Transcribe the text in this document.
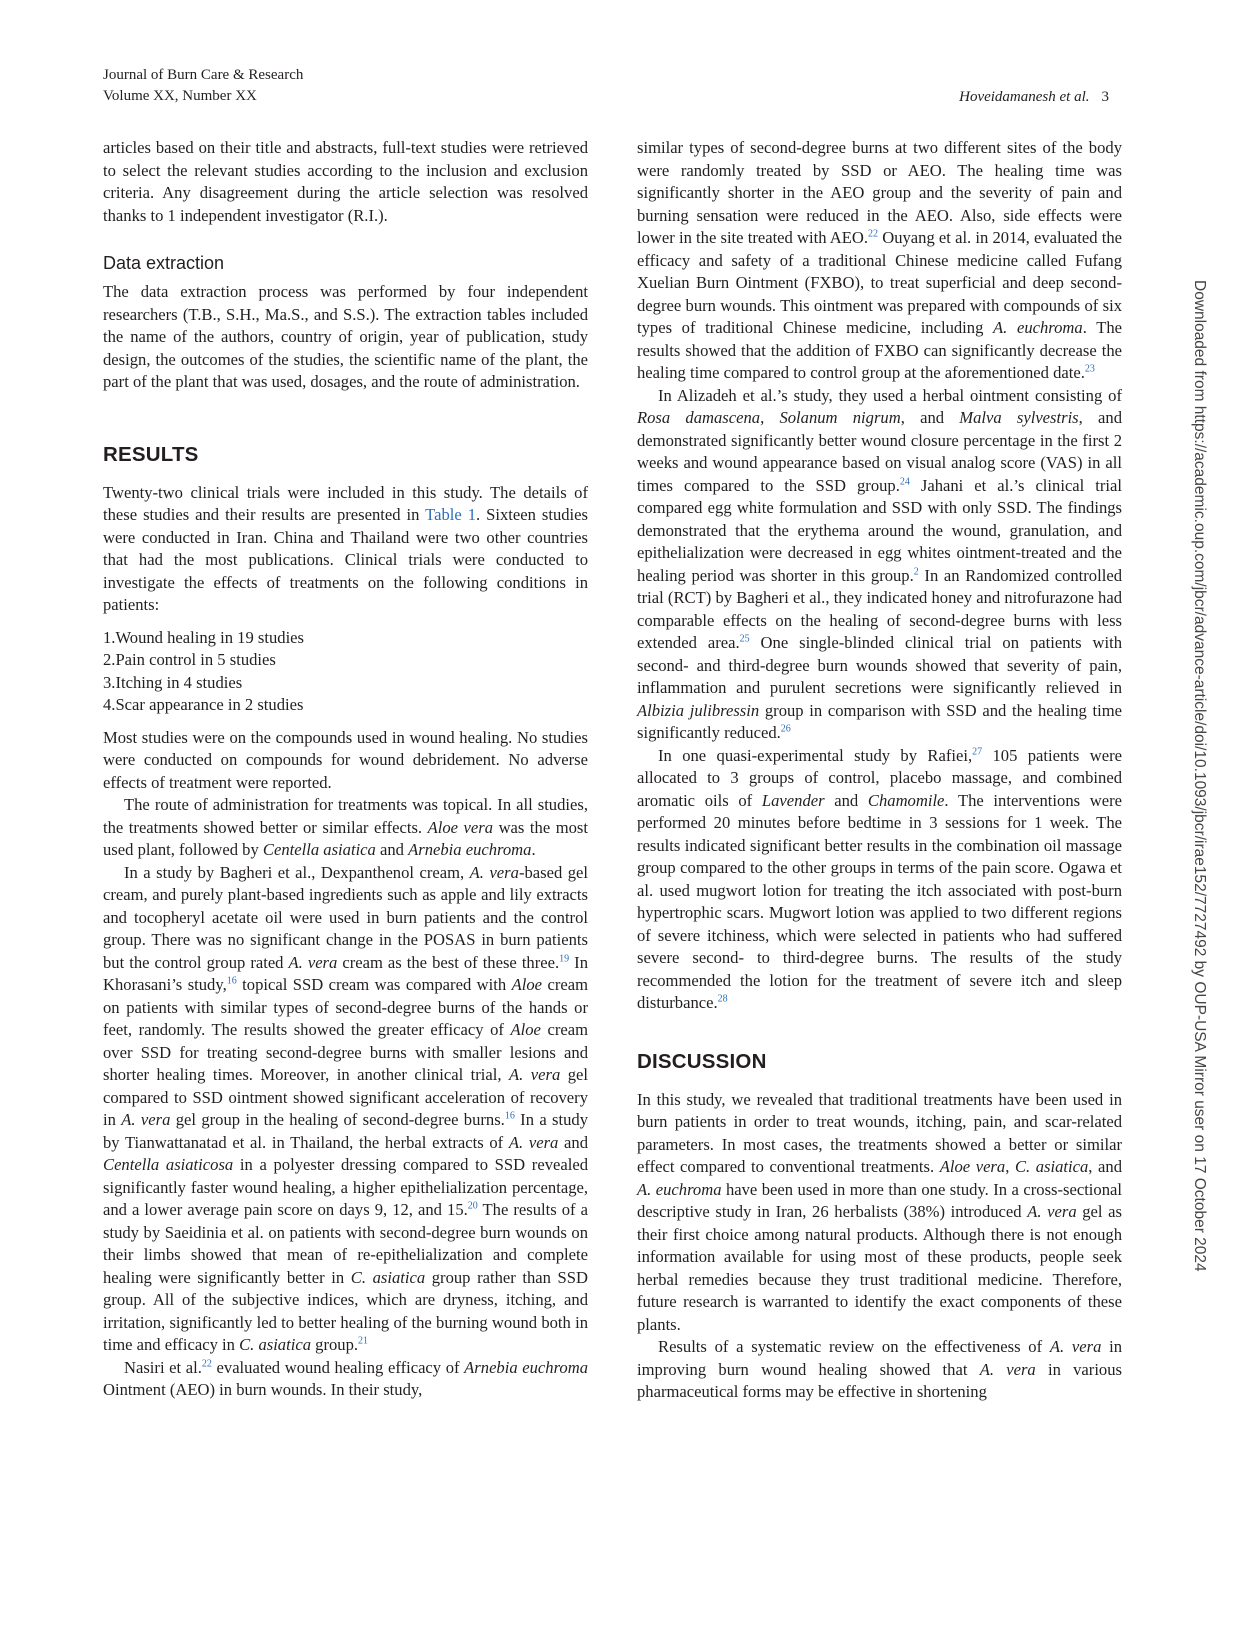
Journal of Burn Care & Research
Volume XX, Number XX	Hoveidamanesh et al. 3

articles based on their title and abstracts, full-text studies were retrieved to select the relevant studies according to the inclusion and exclusion criteria. Any disagreement during the article selection was resolved thanks to 1 independent investigator (R.I.).

Data extraction

The data extraction process was performed by four independent researchers (T.B., S.H., Ma.S., and S.S.). The extraction tables included the name of the authors, country of origin, year of publication, study design, the outcomes of the studies, the scientific name of the plant, the part of the plant that was used, dosages, and the route of administration.

RESULTS

Twenty-two clinical trials were included in this study. The details of these studies and their results are presented in Table 1. Sixteen studies were conducted in Iran. China and Thailand were two other countries that had the most publications. Clinical trials were conducted to investigate the effects of treatments on the following conditions in patients:

1.Wound healing in 19 studies
2.Pain control in 5 studies
3.Itching in 4 studies
4.Scar appearance in 2 studies

Most studies were on the compounds used in wound healing. No studies were conducted on compounds for wound debridement. No adverse effects of treatment were reported.

The route of administration for treatments was topical. In all studies, the treatments showed better or similar effects. Aloe vera was the most used plant, followed by Centella asiatica and Arnebia euchroma.

In a study by Bagheri et al., Dexpanthenol cream, A. vera-based gel cream, and purely plant-based ingredients such as apple and lily extracts and tocopheryl acetate oil were used in burn patients and the control group. There was no significant change in the POSAS in burn patients but the control group rated A. vera cream as the best of these three.$^{19}$ In Khorasani’s study,$^{16}$ topical SSD cream was compared with Aloe cream on patients with similar types of second-degree burns of the hands or feet, randomly. The results showed the greater efficacy of Aloe cream over SSD for treating second-degree burns with smaller lesions and shorter healing times. Moreover, in another clinical trial, A. vera gel compared to SSD ointment showed significant acceleration of recovery in A. vera gel group in the healing of second-degree burns.$^{16}$ In a study by Tianwattanatad et al. in Thailand, the herbal extracts of A. vera and Centella asiaticosa in a polyester dressing compared to SSD revealed significantly faster wound healing, a higher epithelialization percentage, and a lower average pain score on days 9, 12, and 15.20 The results of a study by Saeidinia et al. on patients with second-degree burn wounds on their limbs showed that mean of re-epithelialization and complete healing were significantly better in C. asiatica group rather than SSD group. All of the subjective indices, which are dryness, itching, and irritation, significantly led to better healing of the burning wound both in time and efficacy in C. asiatica group.$^{21}$

Nasiri et al.$^{22}$ evaluated wound healing efficacy of Arnebia euchroma Ointment (AEO) in burn wounds. In their study,

similar types of second-degree burns at two different sites of the body were randomly treated by SSD or AEO. The healing time was significantly shorter in the AEO group and the severity of pain and burning sensation were reduced in the AEO. Also, side effects were lower in the site treated with AEO.$^{22}$ Ouyang et al. in 2014, evaluated the efficacy and safety of a traditional Chinese medicine called Fufang Xuelian Burn Ointment (FXBO), to treat superficial and deep second-degree burn wounds. This ointment was prepared with compounds of six types of traditional Chinese medicine, including A. euchroma. The results showed that the addition of FXBO can significantly decrease the healing time compared to control group at the aforementioned date.$^{23}$

In Alizadeh et al.’s study, they used a herbal ointment consisting of Rosa damascena, Solanum nigrum, and Malva sylvestris, and demonstrated significantly better wound closure percentage in the first 2 weeks and wound appearance based on visual analog score (VAS) in all times compared to the SSD group.$^{24}$ Jahani et al.’s clinical trial compared egg white formulation and SSD with only SSD. The findings demonstrated that the erythema around the wound, granulation, and epithelialization were decreased in egg whites ointment-treated and the healing period was shorter in this group.$^2$ In an Randomized controlled trial (RCT) by Bagheri et al., they indicated honey and nitrofurazone had comparable effects on the healing of second-degree burns with less extended area.$^{25}$ One single-blinded clinical trial on patients with second- and third-degree burn wounds showed that severity of pain, inflammation and purulent secretions were significantly relieved in Albizia julibressin group in comparison with SSD and the healing time significantly reduced.$^{26}$

In one quasi-experimental study by Rafiei,$^{27}$ 105 patients were allocated to 3 groups of control, placebo massage, and combined aromatic oils of Lavender and Chamomile. The interventions were performed 20 minutes before bedtime in 3 sessions for 1 week. The results indicated significant better results in the combination oil massage group compared to the other groups in terms of the pain score. Ogawa et al. used mugwort lotion for treating the itch associated with post-burn hypertrophic scars. Mugwort lotion was applied to two different regions of severe itchiness, which were selected in patients who had suffered severe second- to third-degree burns. The results of the study recommended the lotion for the treatment of severe itch and sleep disturbance.$^{28}$

DISCUSSION

In this study, we revealed that traditional treatments have been used in burn patients in order to treat wounds, itching, pain, and scar-related parameters. In most cases, the treatments showed a better or similar effect compared to conventional treatments. Aloe vera, C. asiatica, and A. euchroma have been used in more than one study. In a cross-sectional descriptive study in Iran, 26 herbalists (38%) introduced A. vera gel as their first choice among natural products. Although there is not enough information available for using most of these products, people seek herbal remedies because they trust traditional medicine. Therefore, future research is warranted to identify the exact components of these plants.

Results of a systematic review on the effectiveness of A. vera in improving burn wound healing showed that A. vera in various pharmaceutical forms may be effective in shortening

Downloaded from https://academic.oup.com/jbcr/advance-article/doi/10.1093/jbcr/irae152/7727492 by OUP-USA Mirror user on 17 October 2024
